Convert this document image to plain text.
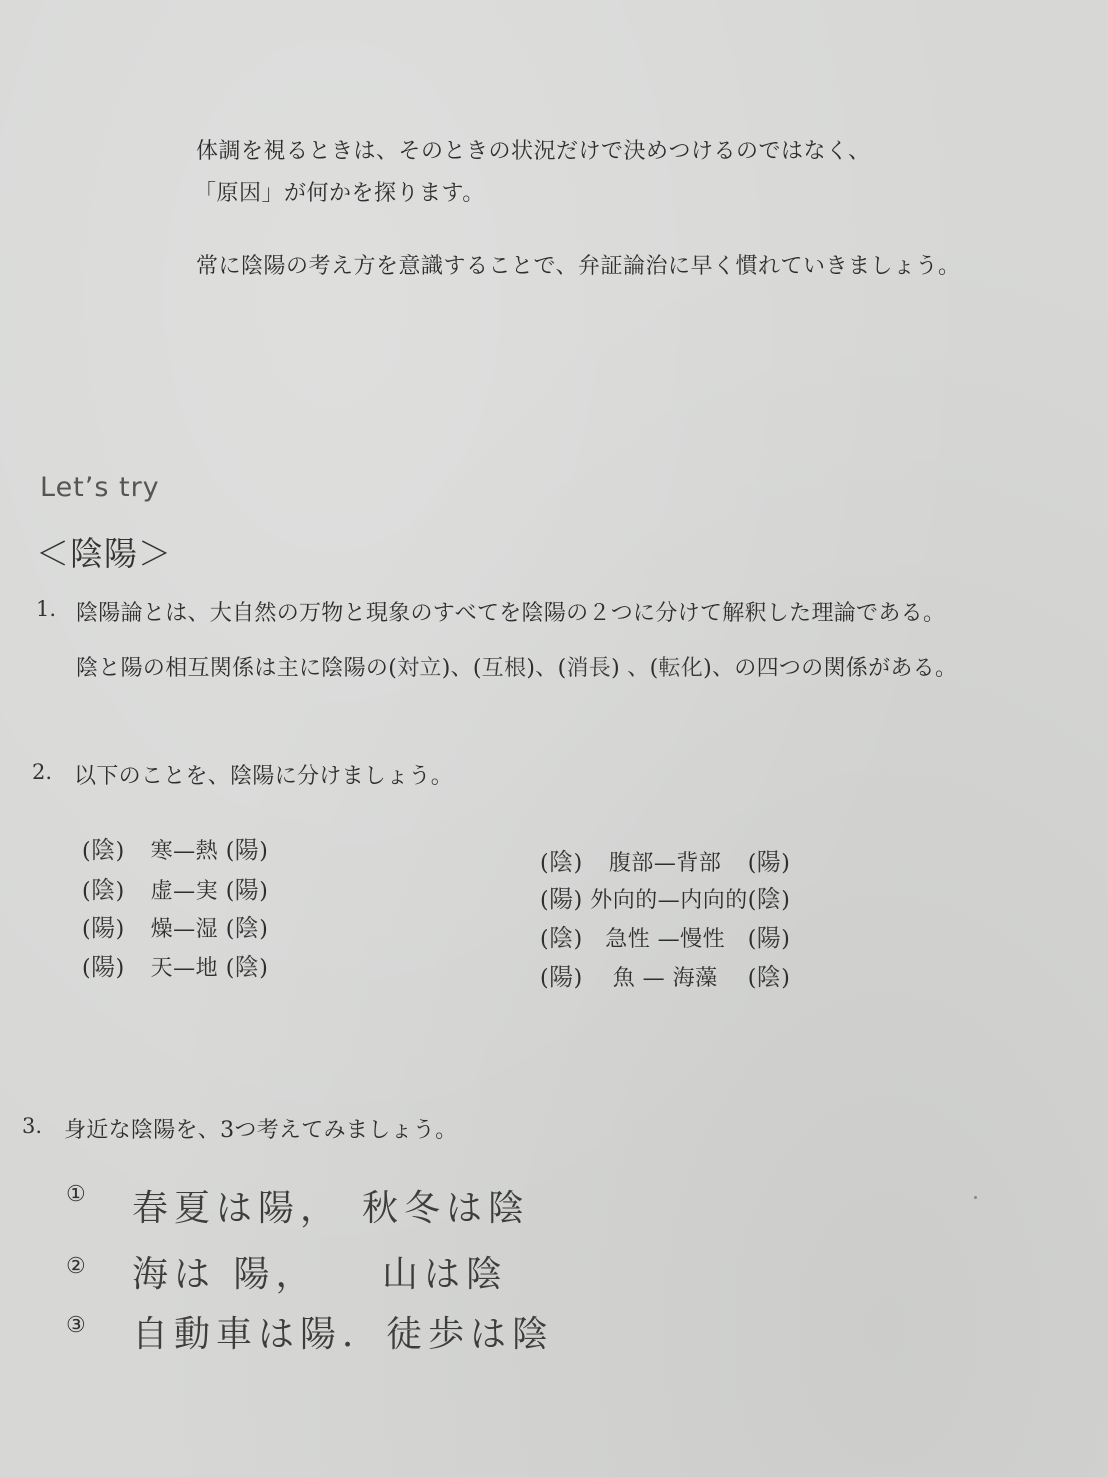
体調を視るときは、そのときの状況だけで決めつけるのではなく、
「原因」が何かを探ります。
常に陰陽の考え方を意識することで、弁証論治に早く慣れていきましょう。
Let’s try
＜陰陽＞
1. 陰陽論とは、大自然の万物と現象のすべてを陰陽の２つに分けて解釈した理論である。
陰と陽の相互関係は主に陰陽の(対立)、(互根)、(消長) 、(転化)、の四つの関係がある。
2. 以下のことを、陰陽に分けましょう。
(陰) 寒—熱 (陽)
(陰) 虚—実 (陽)
(陽) 燥—湿 (陰)
(陽) 天—地 (陰)
(陰) 腹部—背部 (陽)
(陽) 外向的—内向的 (陰)
(陰) 急性 —慢性 (陽)
(陽) 魚 — 海藻 (陰)
3. 身近な陰陽を、3つ考えてみましょう。
① 春夏は陽， 秋冬は陰
② 海は 陽， 山は陰
③ 自動車は陽． 徒歩は陰
